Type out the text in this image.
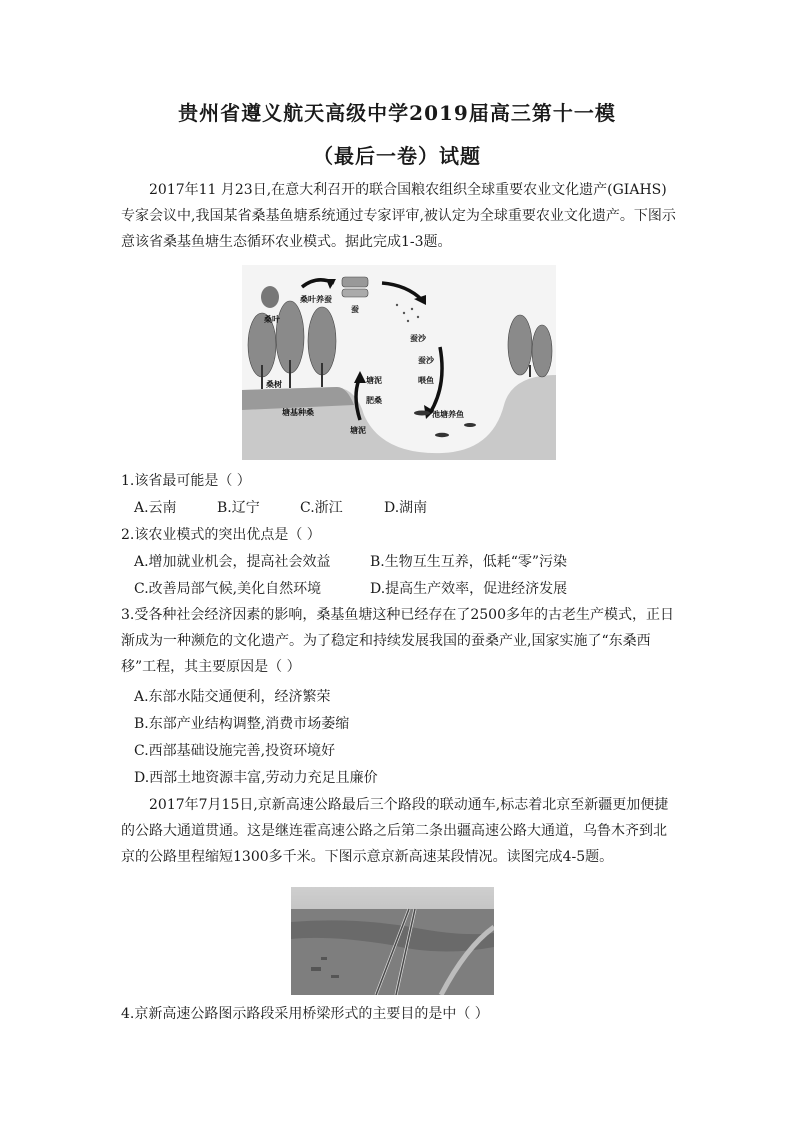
贵州省遵义航天高级中学2019届高三第十一模
（最后一卷）试题

2017年11 月23日,在意大利召开的联合国粮农组织全球重要农业文化遗产(GIAHS)专家会议中,我国某省桑基鱼塘系统通过专家评审,被认定为全球重要农业文化遗产。下图示意该省桑基鱼塘生态循环农业模式。据此完成1-3题。

桑叶
桑叶养蚕
蚕
蚕沙
蚕沙
喂鱼
桑树	塘泥
肥桑
塘基种桑
塘泥
池塘养鱼
1.该省最可能是（ ）
A.云南	B.辽宁	C.浙江	D.湖南
2.该农业模式的突出优点是（ ）
A.增加就业机会，提高社会效益	B.生物互生互养，低耗“零”污染
C.改善局部气候,美化自然环境	D.提高生产效率，促进经济发展

3.受各种社会经济因素的影响，桑基鱼塘这种已经存在了2500多年的古老生产模式，正日渐成为一种濒危的文化遗产。为了稳定和持续发展我国的蚕桑产业,国家实施了“东桑西移”工程，其主要原因是（ ）

A.东部水陆交通便利，经济繁荣
B.东部产业结构调整,消费市场萎缩
C.西部基础设施完善,投资环境好
D.西部土地资源丰富,劳动力充足且廉价

2017年7月15日,京新高速公路最后三个路段的联动通车,标志着北京至新疆更加便捷的公路大通道贯通。这是继连霍高速公路之后第二条出疆高速公路大通道，乌鲁木齐到北京的公路里程缩短1300多千米。下图示意京新高速某段情况。读图完成4-5题。

4.京新高速公路图示路段采用桥梁形式的主要目的是中（ ）
